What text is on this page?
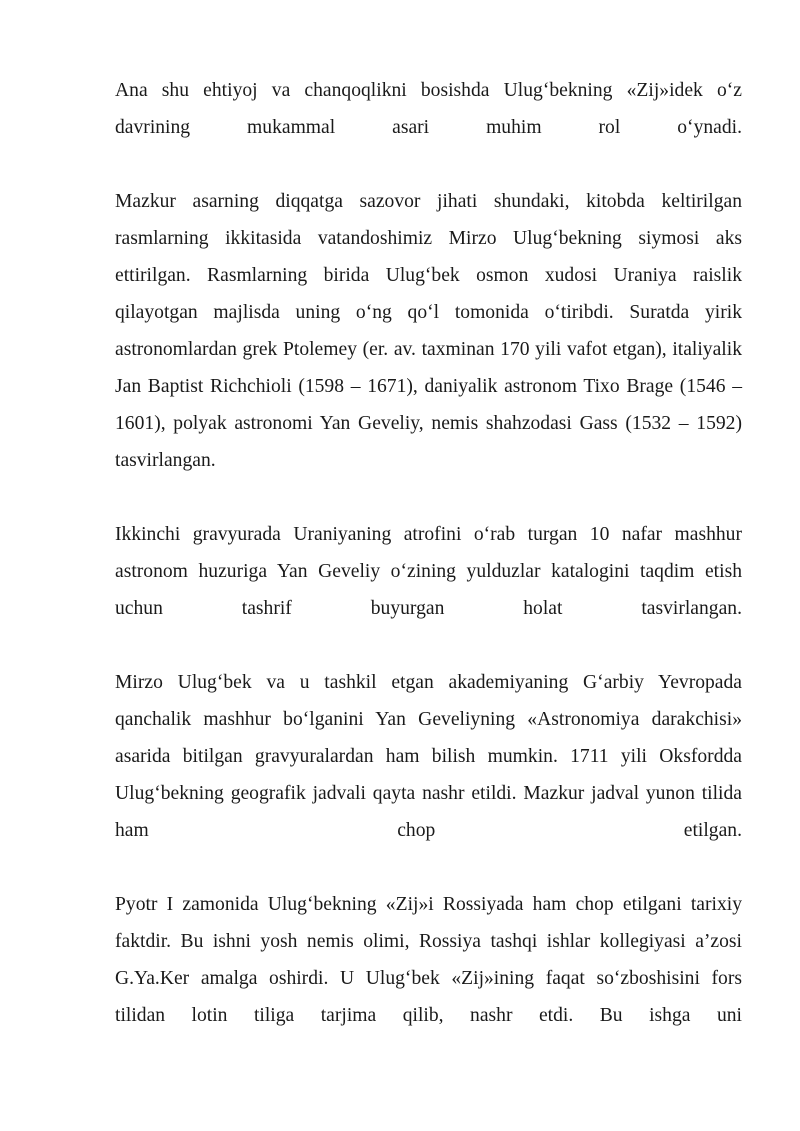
Ana shu ehtiyoj va chanqoqlikni bosishda Ulug‘bekning «Zij»idek o‘z davrining mukammal asari muhim rol o‘ynadi.

Mazkur asarning diqqatga sazovor jihati shundaki, kitobda keltirilgan rasmlarning ikkitasida vatandoshimiz Mirzo Ulug‘bekning siymosi aks ettirilgan. Rasmlarning birida Ulug‘bek osmon xudosi Uraniya raislik qilayotgan majlisda uning o‘ng qo‘l tomonida o‘tiribdi. Suratda yirik astronomlardan grek Ptolemey (er. av. taxminan 170 yili vafot etgan), italiyalik Jan Baptist Richchioli (1598 – 1671), daniyalik astronom Tixo Brage (1546 – 1601), polyak astronomi Yan Geveliy, nemis shahzodasi Gass (1532 – 1592) tasvirlangan.

Ikkinchi gravyurada Uraniyaning atrofini o‘rab turgan 10 nafar mashhur astronom huzuriga Yan Geveliy o‘zining yulduzlar katalogini taqdim etish uchun tashrif buyurgan holat tasvirlangan.

Mirzo Ulug‘bek va u tashkil etgan akademiyaning G‘arbiy Yevropada qanchalik mashhur bo‘lganini Yan Geveliyning «Astronomiya darakchisi» asarida bitilgan gravyuralardan ham bilish mumkin. 1711 yili Oksfordda Ulug‘bekning geografik jadvali qayta nashr etildi. Mazkur jadval yunon tilida ham chop etilgan.

Pyotr I zamonida Ulug‘bekning «Zij»i Rossiyada ham chop etilgani tarixiy faktdir. Bu ishni yosh nemis olimi, Rossiya tashqi ishlar kollegiyasi a’zosi G.Ya.Ker amalga oshirdi. U Ulug‘bek «Zij»ining faqat so‘zboshisini fors tilidan lotin tiliga tarjima qilib, nashr etdi. Bu ishga uni
